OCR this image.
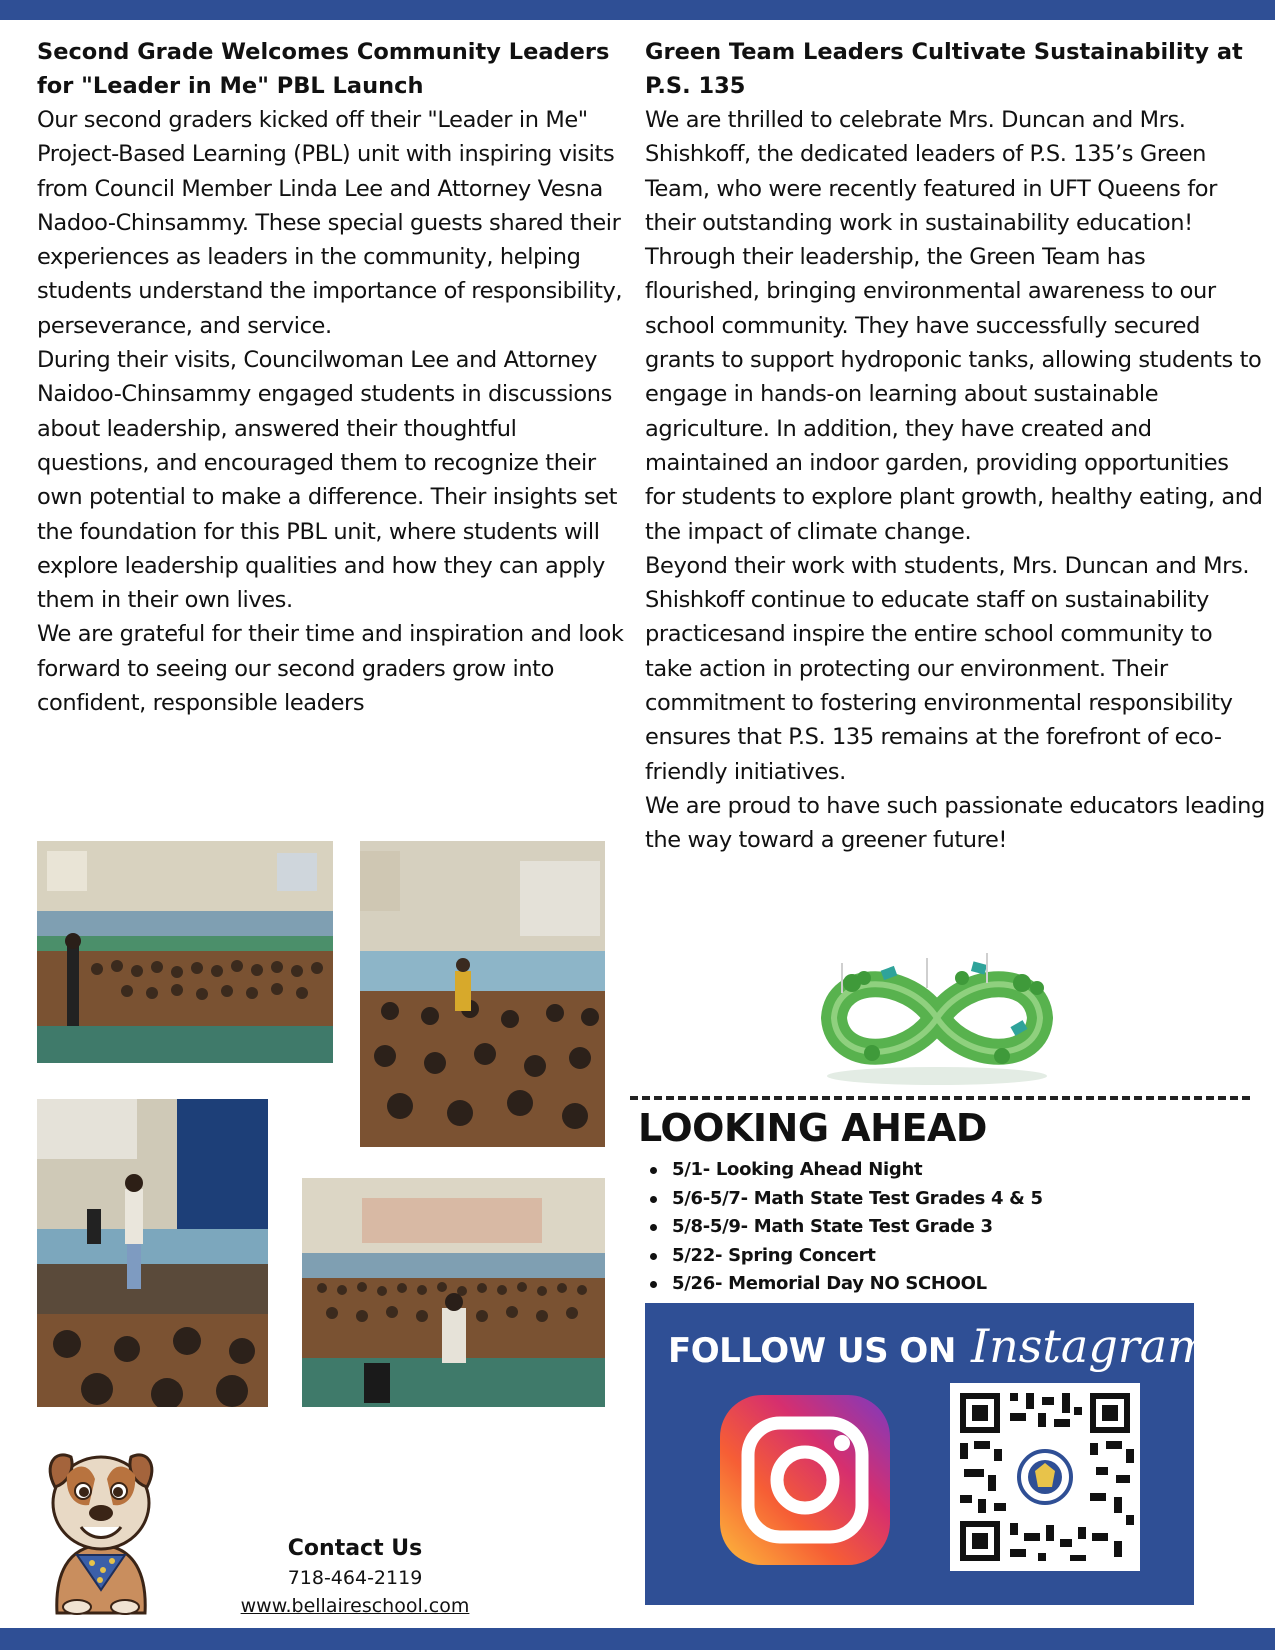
Second Grade Welcomes Community Leaders for "Leader in Me" PBL Launch

Our second graders kicked off their "Leader in Me" Project-Based Learning (PBL) unit with inspiring visits from Council Member Linda Lee and Attorney Vesna Nadoo-Chinsammy. These special guests shared their experiences as leaders in the community, helping students understand the importance of responsibility, perseverance, and service.

During their visits, Councilwoman Lee and Attorney Naidoo-Chinsammy engaged students in discussions about leadership, answered their thoughtful questions, and encouraged them to recognize their own potential to make a difference. Their insights set the foundation for this PBL unit, where students will explore leadership qualities and how they can apply them in their own lives.

We are grateful for their time and inspiration and look forward to seeing our second graders grow into confident, responsible leaders

Green Team Leaders Cultivate Sustainability at P.S. 135

We are thrilled to celebrate Mrs. Duncan and Mrs. Shishkoff, the dedicated leaders of P.S. 135’s Green Team, who were recently featured in UFT Queens for their outstanding work in sustainability education!

Through their leadership, the Green Team has flourished, bringing environmental awareness to our school community. They have successfully secured grants to support hydroponic tanks, allowing students to engage in hands-on learning about sustainable agriculture. In addition, they have created and maintained an indoor garden, providing opportunities for students to explore plant growth, healthy eating, and the impact of climate change.

Beyond their work with students, Mrs. Duncan and Mrs. Shishkoff continue to educate staff on sustainability practicesand inspire the entire school community to take action in protecting our environment. Their commitment to fostering environmental responsibility ensures that P.S. 135 remains at the forefront of eco-friendly initiatives.

We are proud to have such passionate educators leading the way toward a greener future!

LOOKING AHEAD
5/1- Looking Ahead Night
5/6-5/7- Math State Test Grades 4 & 5
5/8-5/9- Math State Test Grade 3
5/22- Spring Concert
5/26- Memorial Day NO SCHOOL
FOLLOW US ON Instagram
Contact Us
718-464-2119
www.bellaireschool.com
